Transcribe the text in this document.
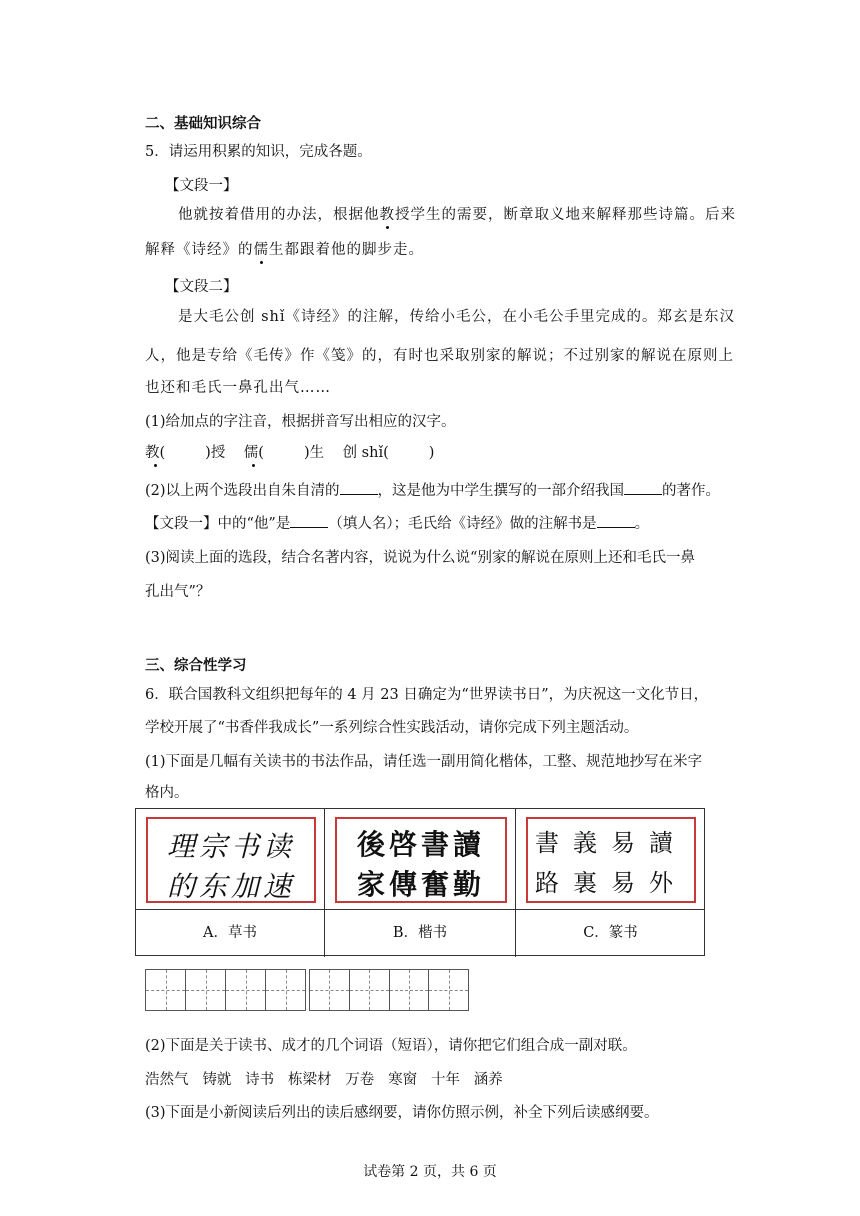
二、基础知识综合
5．请运用积累的知识，完成各题。
【文段一】
他就按着借用的办法，根据他教授学生的需要，断章取义地来解释那些诗篇。后来
解释《诗经》的儒生都跟着他的脚步走。
【文段二】
是大毛公创 shǐ《诗经》的注解，传给小毛公，在小毛公手里完成的。郑玄是东汉
人，他是专给《毛传》作《笺》的，有时也采取别家的解说；不过别家的解说在原则上
也还和毛氏一鼻孔出气……
(1)给加点的字注音，根据拼音写出相应的汉字。
教(	)授 儒(	)生 创 shǐ(	)
(2)以上两个选段出自朱自清的	，这是他为中学生撰写的一部介绍我国	的著作。
【文段一】中的“他”是	（填人名）；毛氏给《诗经》做的注解书是	。
(3)阅读上面的选段，结合名著内容，说说为什么说“别家的解说在原则上还和毛氏一鼻
孔出气”？
三、综合性学习
6．联合国教科文组织把每年的 4 月 23 日确定为“世界读书日”，为庆祝这一文化节日，
学校开展了“书香伴我成长”一系列综合性实践活动，请你完成下列主题活动。
(1)下面是几幅有关读书的书法作品，请任选一副用简化楷体，工整、规范地抄写在米字
格内。
理宗书读
的东加速
後啓書讀
家傳奮勤
書義易讀
路裏易外
A．草书	B．楷书	C．篆书
(2)下面是关于读书、成才的几个词语（短语），请你把它们组合成一副对联。
浩然气   铸就   诗书   栋梁材   万卷   寒窗   十年   涵养
(3)下面是小新阅读后列出的读后感纲要，请你仿照示例，补全下列后读感纲要。
试卷第 2 页，共 6 页
